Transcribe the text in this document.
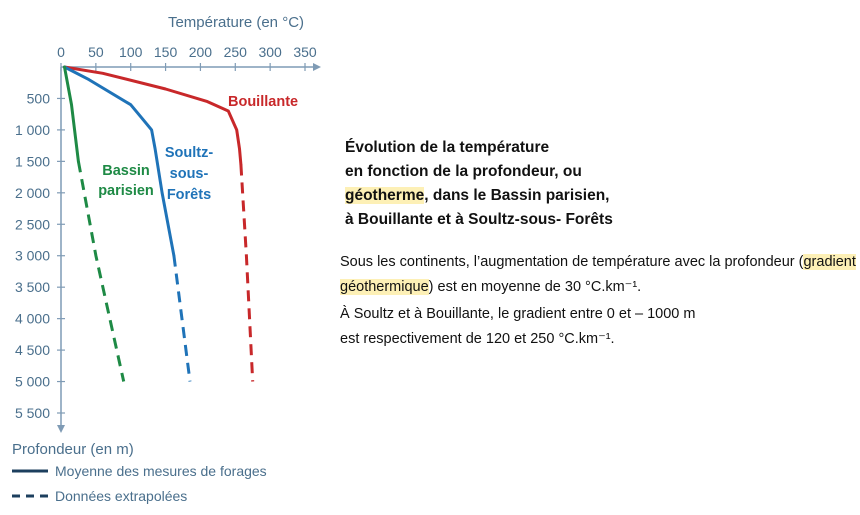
Température (en °C)
Profondeur (en m)
0 50 100 150 200 250 300 350
500
1 000
1 500
2 000
2 500
3 000
3 500
4 000
4 500
5 000
5 500
Bouillante
Soultz-
sous-
Forêts
Bassin
parisien
Moyenne des mesures de forages
Données extrapolées
Évolution de la température
en fonction de la profondeur, ou
géotherme, dans le Bassin parisien,
à Bouillante et à Soultz-sous- Forêts

Sous les continents, l’augmentation de température avec la profondeur (gradient géothermique) est en moyenne de 30 °C.km⁻¹.

À Soultz et à Bouillante, le gradient entre 0 et – 1000 m
est respectivement de 120 et 250 °C.km⁻¹.
